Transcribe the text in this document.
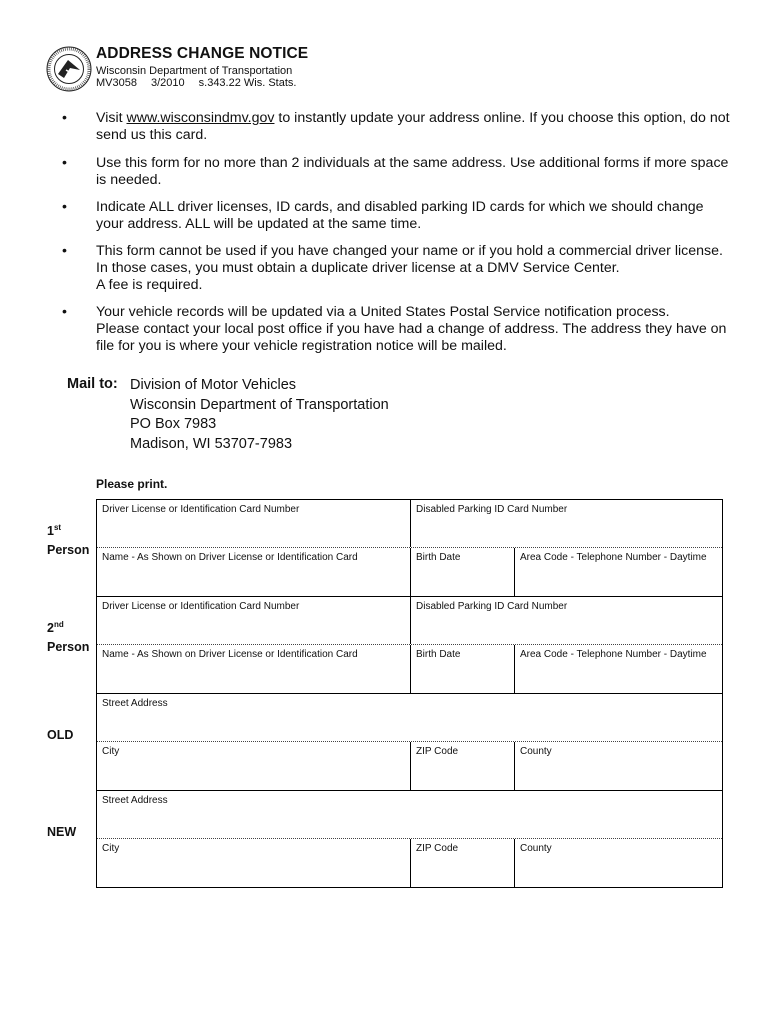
ADDRESS CHANGE NOTICE
Wisconsin Department of Transportation
MV3058 3/2010 s.343.22 Wis. Stats.
• Visit www.wisconsindmv.gov to instantly update your address online. If you choose this option, do not send us this card.
• Use this form for no more than 2 individuals at the same address. Use additional forms if more space is needed.
• Indicate ALL driver licenses, ID cards, and disabled parking ID cards for which we should change your address. ALL will be updated at the same time.
• This form cannot be used if you have changed your name or if you hold a commercial driver license.
In those cases, you must obtain a duplicate driver license at a DMV Service Center.
A fee is required.
• Your vehicle records will be updated via a United States Postal Service notification process.
Please contact your local post office if you have had a change of address. The address they have on file for you is where your vehicle registration notice will be mailed.
Mail to: Division of Motor Vehicles
Wisconsin Department of Transportation
PO Box 7983
Madison, WI 53707-7983
Please print.
1st
Person
2nd
Person
OLD
NEW
Driver License or Identification Card Number	Disabled Parking ID Card Number
Name - As Shown on Driver License or Identification Card	Birth Date	Area Code - Telephone Number - Daytime
Driver License or Identification Card Number	Disabled Parking ID Card Number
Name - As Shown on Driver License or Identification Card	Birth Date	Area Code - Telephone Number - Daytime
Street Address
City	ZIP Code	County
Street Address
City	ZIP Code	County
